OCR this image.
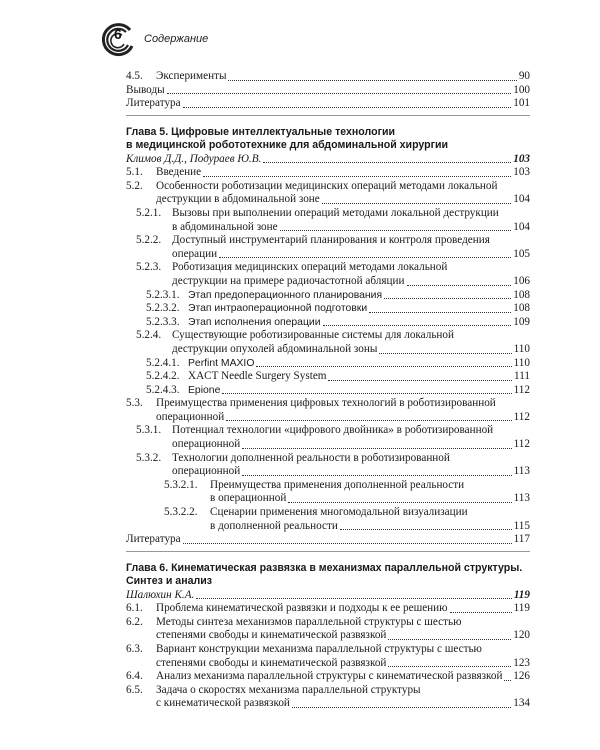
6 Содержание
4.5.	Эксперименты	90
Выводы	100
Литература	101
Глава 5. Цифровые интеллектуальные технологии
в медицинской робототехнике для абдоминальной хирургии
Климов Д.Д., Подураев Ю.В.	103
5.1.	Введение	103
5.2.	Особенности роботизации медицинских операций методами локальной
деструкции в абдоминальной зоне	104
5.2.1. Вызовы при выполнении операций методами локальной деструкции
в абдоминальной зоне	104
5.2.2. Доступный инструментарий планирования и контроля проведения
операции	105
5.2.3. Роботизация медицинских операций методами локальной
деструкции на примере радиочастотной абляции	106
5.2.3.1. Этап предоперационного планирования	108
5.2.3.2. Этап интраоперационной подготовки	108
5.2.3.3. Этап исполнения операции	109
5.2.4. Существующие роботизированные системы для локальной
деструкции опухолей абдоминальной зоны	110
5.2.4.1. Perfint MAXIO	110
5.2.4.2. XACT Needle Surgery System	111
5.2.4.3. Epione	112
5.3.	Преимущества применения цифровых технологий в роботизированной
операционной	112
5.3.1. Потенциал технологии «цифрового двойника» в роботизированной
операционной	112
5.3.2. Технологии дополненной реальности в роботизированной
операционной	113
5.3.2.1.	Преимущества применения дополненной реальности
в операционной	113
5.3.2.2.	Сценарии применения многомодальной визуализации
в дополненной реальности	115
Литература	117
Глава 6. Кинематическая развязка в механизмах параллельной структуры.
Синтез и анализ
Шалюхин К.А.	119
6.1.	Проблема кинематической развязки и подходы к ее решению	119
6.2.	Методы синтеза механизмов параллельной структуры с шестью
степенями свободы и кинематической развязкой	120
6.3.	Вариант конструкции механизма параллельной структуры с шестью
степенями свободы и кинематической развязкой	123
6.4.	Анализ механизма параллельной структуры с кинематической развязкой 126
6.5.	Задача о скоростях механизма параллельной структуры
с кинематической развязкой	134
